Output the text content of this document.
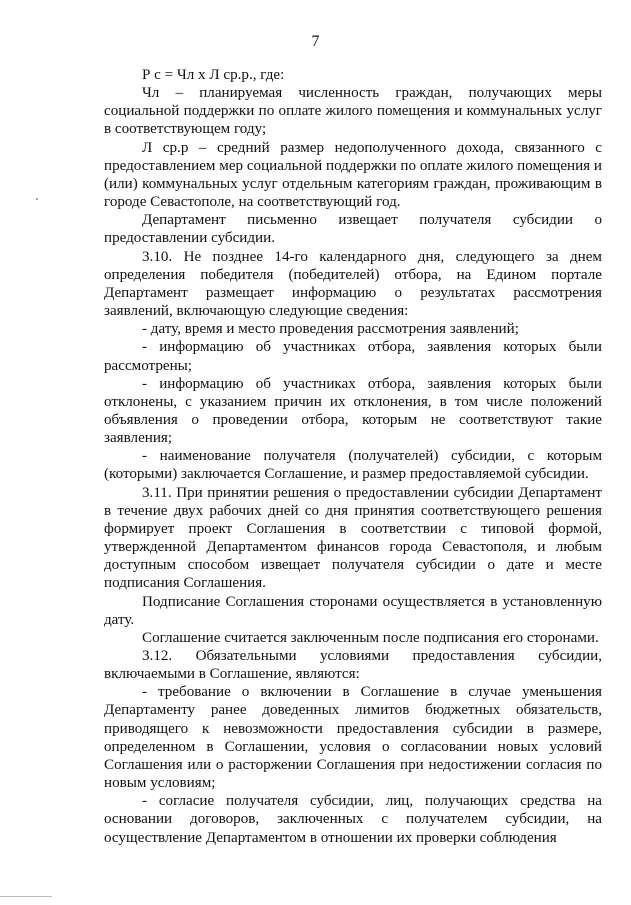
7

Р с = Чл х Л ср.р., где:

Чл – планируемая численность граждан, получающих меры социальной поддержки по оплате жилого помещения и коммунальных услуг в соответствующем году;

Л ср.р – средний размер недополученного дохода, связанного с предоставлением мер социальной поддержки по оплате жилого помещения и (или) коммунальных услуг отдельным категориям граждан, проживающим в городе Севастополе, на соответствующий год.

Департамент письменно извещает получателя субсидии о предоставлении субсидии.

3.10. Не позднее 14-го календарного дня, следующего за днем определения победителя (победителей) отбора, на Едином портале Департамент размещает информацию о результатах рассмотрения заявлений, включающую следующие сведения:

- дату, время и место проведения рассмотрения заявлений;

- информацию об участниках отбора, заявления которых были рассмотрены;

- информацию об участниках отбора, заявления которых были отклонены, с указанием причин их отклонения, в том числе положений объявления о проведении отбора, которым не соответствуют такие заявления;

- наименование получателя (получателей) субсидии, с которым (которыми) заключается Соглашение, и размер предоставляемой субсидии.

3.11. При принятии решения о предоставлении субсидии Департамент в течение двух рабочих дней со дня принятия соответствующего решения формирует проект Соглашения в соответствии с типовой формой, утвержденной Департаментом финансов города Севастополя, и любым доступным способом извещает получателя субсидии о дате и месте подписания Соглашения.

Подписание Соглашения сторонами осуществляется в установленную дату.

Соглашение считается заключенным после подписания его сторонами.

3.12. Обязательными условиями предоставления субсидии, включаемыми в Соглашение, являются:

- требование о включении в Соглашение в случае уменьшения Департаменту ранее доведенных лимитов бюджетных обязательств, приводящего к невозможности предоставления субсидии в размере, определенном в Соглашении, условия о согласовании новых условий Соглашения или о расторжении Соглашения при недостижении согласия по новым условиям;

- согласие получателя субсидии, лиц, получающих средства на основании договоров, заключенных с получателем субсидии, на осуществление Департаментом в отношении их проверки соблюдения
